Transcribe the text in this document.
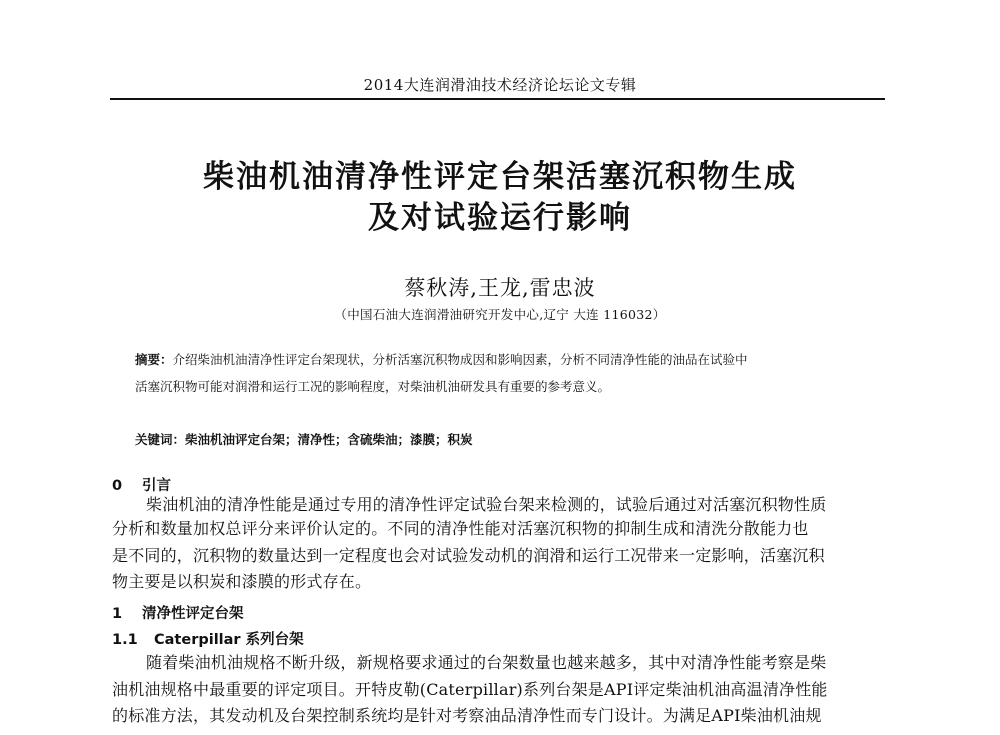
2014大连润滑油技术经济论坛论文专辑
柴油机油清净性评定台架活塞沉积物生成
及对试验运行影响
蔡秋涛,王龙,雷忠波
（中国石油大连润滑油研究开发中心,辽宁 大连 116032）
摘要：介绍柴油机油清净性评定台架现状，分析活塞沉积物成因和影响因素，分析不同清净性能的油品在试验中
活塞沉积物可能对润滑和运行工况的影响程度，对柴油机油研发具有重要的参考意义。
关键词：柴油机油评定台架；清净性；含硫柴油；漆膜；积炭
0 引言
柴油机油的清净性能是通过专用的清净性评定试验台架来检测的，试验后通过对活塞沉积物性质
分析和数量加权总评分来评价认定的。不同的清净性能对活塞沉积物的抑制生成和清洗分散能力也
是不同的，沉积物的数量达到一定程度也会对试验发动机的润滑和运行工况带来一定影响，活塞沉积
物主要是以积炭和漆膜的形式存在。
1 清净性评定台架
1.1 Caterpillar 系列台架
随着柴油机油规格不断升级，新规格要求通过的台架数量也越来越多，其中对清净性能考察是柴
油机油规格中最重要的评定项目。开特皮勒(Caterpillar)系列台架是API评定柴油机油高温清净性能
的标准方法，其发动机及台架控制系统均是针对考察油品清净性而专门设计。为满足API柴油机油规
